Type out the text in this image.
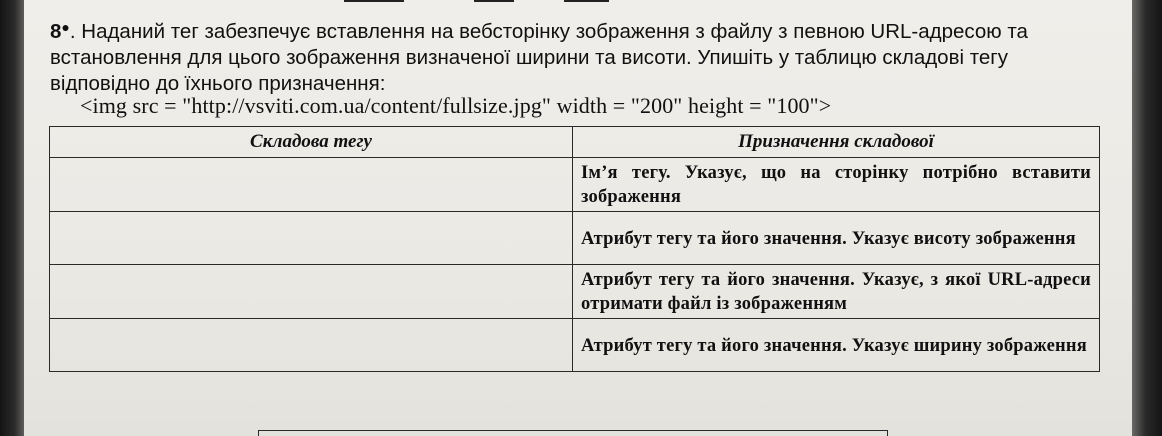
8●. Наданий тег забезпечує вставлення на вебсторінку зображення з файлу з певною URL-адресою та встановлення для цього зображення визначеної ширини та висоти. Упишіть у таблицю складові тегу відповідно до їхнього призначення:
<img src = "http://vsviti.com.ua/content/fullsize.jpg" width = "200" height = "100">
Складова тегу	Призначення складової
	Ім’я тегу. Указує, що на сторінку потрібно вставити зображення
	Атрибут тегу та його значення. Указує висоту зображення
	Атрибут тегу та його значення. Указує, з якої URL-адреси отримати файл із зображенням
	Атрибут тегу та його значення. Указує ширину зображення
